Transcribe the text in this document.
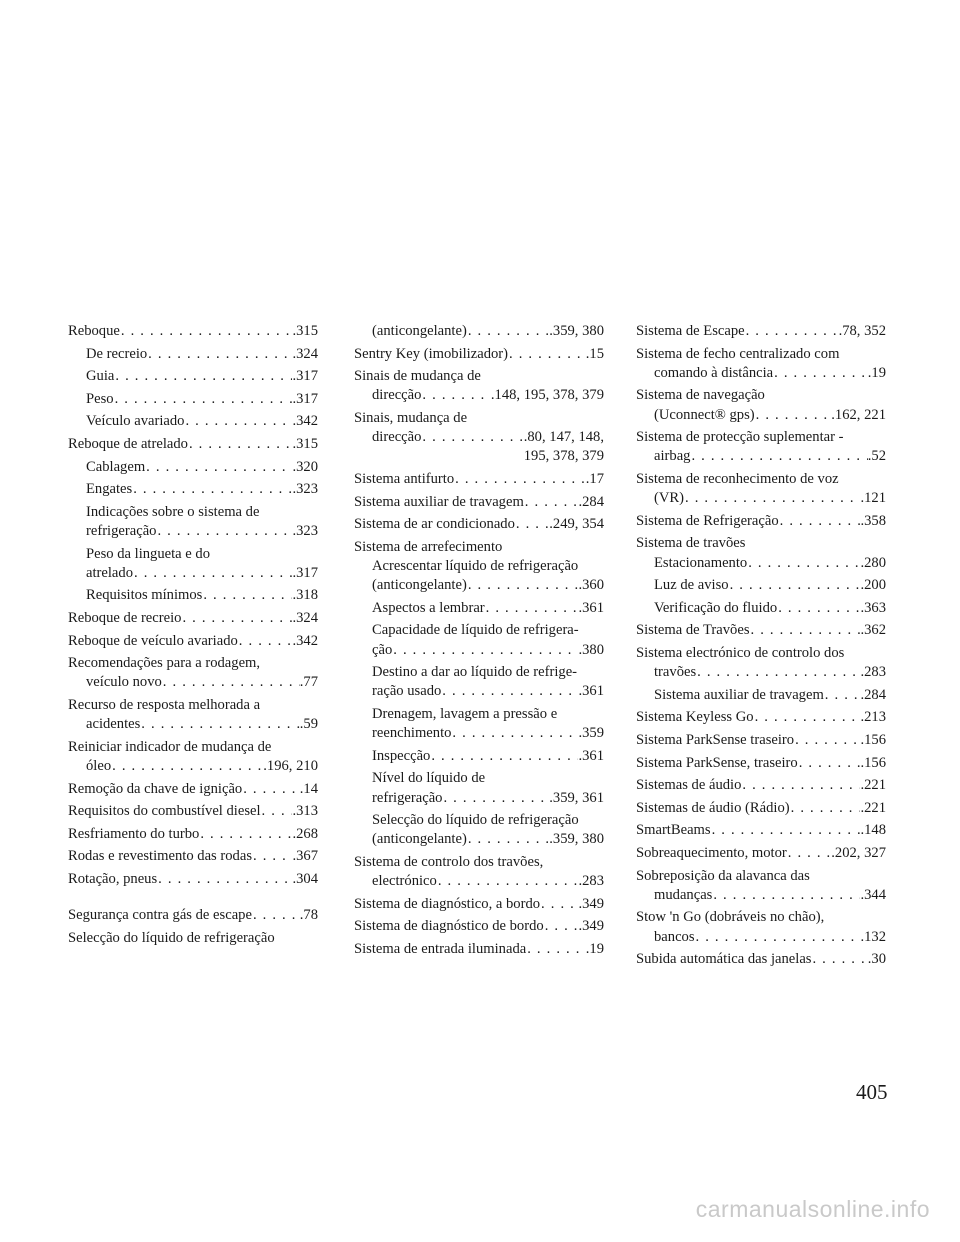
Reboque . . .	.315
De recreio . . .	.324
Guia . . .	.317
Peso . . .	.317
Veículo avariado . . .	.342
Reboque de atrelado . . .	.315
Cablagem . . .	.320
Engates . . .	.323
Indicações sobre o sistema de
refrigeração . . .	.323
Peso da lingueta e do
atrelado . . .	.317
Requisitos mínimos . . .	.318
Reboque de recreio . . .	.324
Reboque de veículo avariado . . .	.342
Recomendações para a rodagem,
veículo novo . . .	.77
Recurso de resposta melhorada a
acidentes . . .	.59
Reiniciar indicador de mudança de
óleo . . .	.196, 210
Remoção da chave de ignição . . .	.14
Requisitos do combustível diesel . . . .313
Resfriamento do turbo . . .	.268
Rodas e revestimento das rodas . . .	.367
Rotação, pneus . . .	.304
Segurança contra gás de escape . . .	.78
Selecção do líquido de refrigeração
(anticongelante) . . .	.359, 380
Sentry Key (imobilizador) . . .	.15
Sinais de mudança de
direcção . . .	.148, 195, 378, 379
Sinais, mudança de
direcção . . .	.80, 147, 148,
195, 378, 379
Sistema antifurto . . .	.17
Sistema auxiliar de travagem . . .	.284
Sistema de ar condicionado . . . .249, 354
Sistema de arrefecimento
Acrescentar líquido de refrigeração
(anticongelante) . . .	.360
Aspectos a lembrar . . .	.361
Capacidade de líquido de refrigera-
ção . . .	.380
Destino a dar ao líquido de refrige-
ração usado . . .	.361
Drenagem, lavagem a pressão e
reenchimento . . .	.359
Inspecção . . .	.361
Nível do líquido de
refrigeração . . .	.359, 361
Selecção do líquido de refrigeração
(anticongelante) . . .	.359, 380
Sistema de controlo dos travões,
electrónico . . .	.283
Sistema de diagnóstico, a bordo . . .	.349
Sistema de diagnóstico de bordo . . . .349
Sistema de entrada iluminada . . .	.19
Sistema de Escape . . .	.78, 352
Sistema de fecho centralizado com
comando à distância . . .	.19
Sistema de navegação
(Uconnect® gps) . . .	.162, 221
Sistema de protecção suplementar -
airbag . . .	.52
Sistema de reconhecimento de voz
(VR) . . .	.121
Sistema de Refrigeração . . .	.358
Sistema de travões
Estacionamento . . .	.280
Luz de aviso . . .	.200
Verificação do fluido . . .	.363
Sistema de Travões . . .	.362
Sistema electrónico de controlo dos
travões . . .	.283
Sistema auxiliar de travagem . . .	.284
Sistema Keyless Go . . .	.213
Sistema ParkSense traseiro . . .	.156
Sistema ParkSense, traseiro . . .	.156
Sistemas de áudio . . .	.221
Sistemas de áudio (Rádio) . . .	.221
SmartBeams . . .	.148
Sobreaquecimento, motor . . .	.202, 327
Sobreposição da alavanca das
mudanças . . .	.344
Stow 'n Go (dobráveis no chão),
bancos . . .	.132
Subida automática das janelas . . .	.30
405
carmanualsonline.info
